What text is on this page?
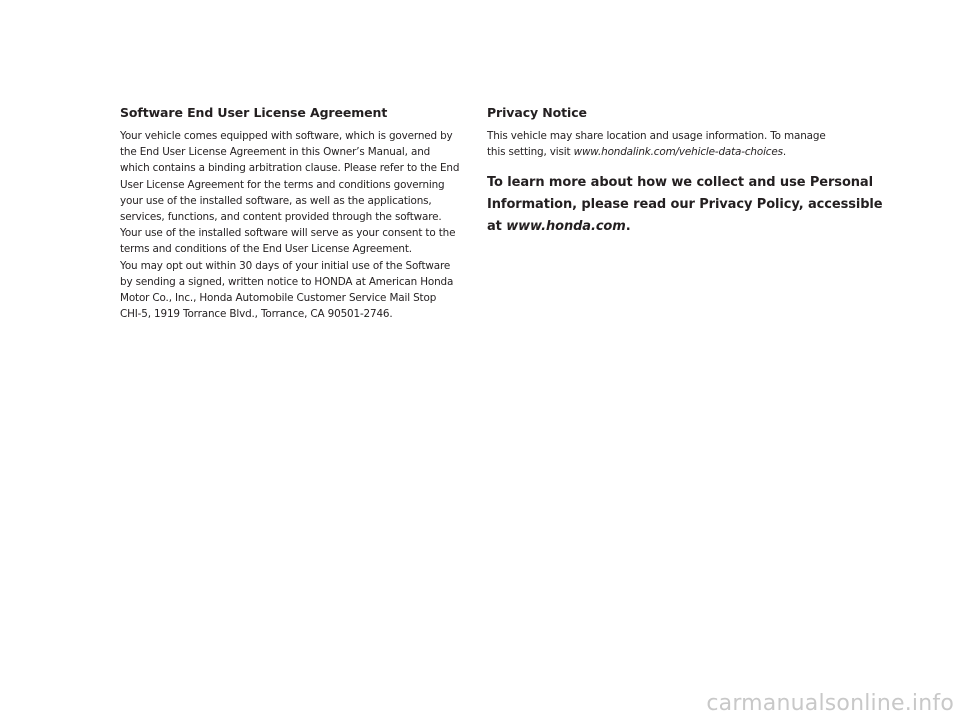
Software End User License Agreement

Your vehicle comes equipped with software, which is governed by
the End User License Agreement in this Owner’s Manual, and
which contains a binding arbitration clause. Please refer to the End
User License Agreement for the terms and conditions governing
your use of the installed software, as well as the applications,
services, functions, and content provided through the software.
Your use of the installed software will serve as your consent to the
terms and conditions of the End User License Agreement.
You may opt out within 30 days of your initial use of the Software
by sending a signed, written notice to HONDA at American Honda
Motor Co., Inc., Honda Automobile Customer Service Mail Stop
CHI-5, 1919 Torrance Blvd., Torrance, CA 90501-2746.

Privacy Notice

This vehicle may share location and usage information. To manage
this setting, visit www.hondalink.com/vehicle-data-choices.

To learn more about how we collect and use Personal
Information, please read our Privacy Policy, accessible
at www.honda.com.

carmanualsonline.info
